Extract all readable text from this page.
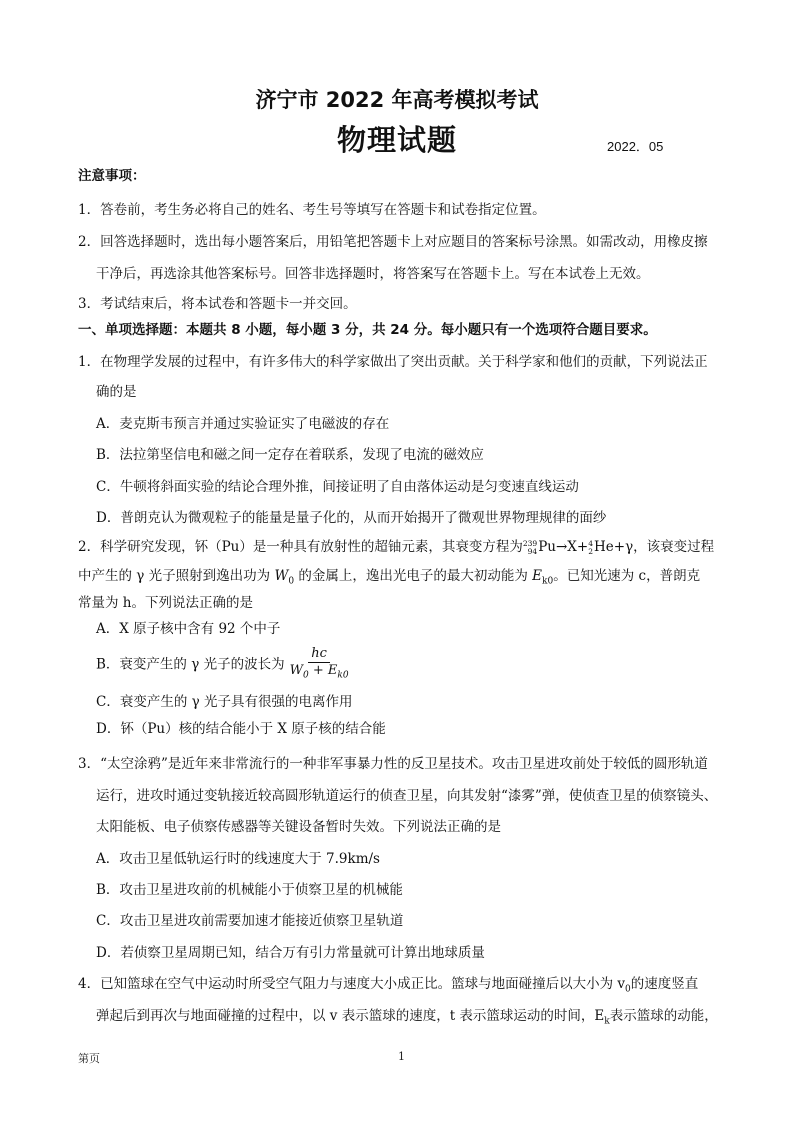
济宁市 2022 年高考模拟考试
物理试题	2022．05
注意事项：
1．答卷前，考生务必将自己的姓名、考生号等填写在答题卡和试卷指定位置。
2．回答选择题时，选出每小题答案后，用铅笔把答题卡上对应题目的答案标号涂黑。如需改动，用橡皮擦
干净后，再选涂其他答案标号。回答非选择题时，将答案写在答题卡上。写在本试卷上无效。
3．考试结束后，将本试卷和答题卡一并交回。
一、单项选择题：本题共 8 小题，每小题 3 分，共 24 分。每小题只有一个选项符合题目要求。
1．在物理学发展的过程中，有许多伟大的科学家做出了突出贡献。关于科学家和他们的贡献，下列说法正
确的是
A．麦克斯韦预言并通过实验证实了电磁波的存在
B．法拉第坚信电和磁之间一定存在着联系，发现了电流的磁效应
C．牛顿将斜面实验的结论合理外推，间接证明了自由落体运动是匀变速直线运动
D．普朗克认为微观粒子的能量是量子化的，从而开始揭开了微观世界物理规律的面纱
2．科学研究发现，钚（Pu）是一种具有放射性的超铀元素，其衰变方程为 239
94 Pu→X+ 4
2 He+γ，该衰变过程
中产生的 γ 光子照射到逸出功为 $W_0$ 的金属上，逸出光电子的最大初动能为 $E_{k0}$。已知光速为 c，普朗克
常量为 h。下列说法正确的是
A．X 原子核中含有 92 个中子
B．衰变产生的 γ 光子的波长为 $\frac{hc}{W_0 + E_{k0}}$
C．衰变产生的 γ 光子具有很强的电离作用
D．钚（Pu）核的结合能小于 X 原子核的结合能
3．“太空涂鸦”是近年来非常流行的一种非军事暴力性的反卫星技术。攻击卫星进攻前处于较低的圆形轨道
运行，进攻时通过变轨接近较高圆形轨道运行的侦查卫星，向其发射“漆雾”弹，使侦查卫星的侦察镜头、
太阳能板、电子侦察传感器等关键设备暂时失效。下列说法正确的是
A．攻击卫星低轨运行时的线速度大于 7.9km/s
B．攻击卫星进攻前的机械能小于侦察卫星的机械能
C．攻击卫星进攻前需要加速才能接近侦察卫星轨道
D．若侦察卫星周期已知，结合万有引力常量就可计算出地球质量
4．已知篮球在空气中运动时所受空气阻力与速度大小成正比。篮球与地面碰撞后以大小为 $v_0$的速度竖直
弹起后到再次与地面碰撞的过程中，以 v 表示篮球的速度，t 表示篮球运动的时间，$E_k$表示篮球的动能，
第页	1
